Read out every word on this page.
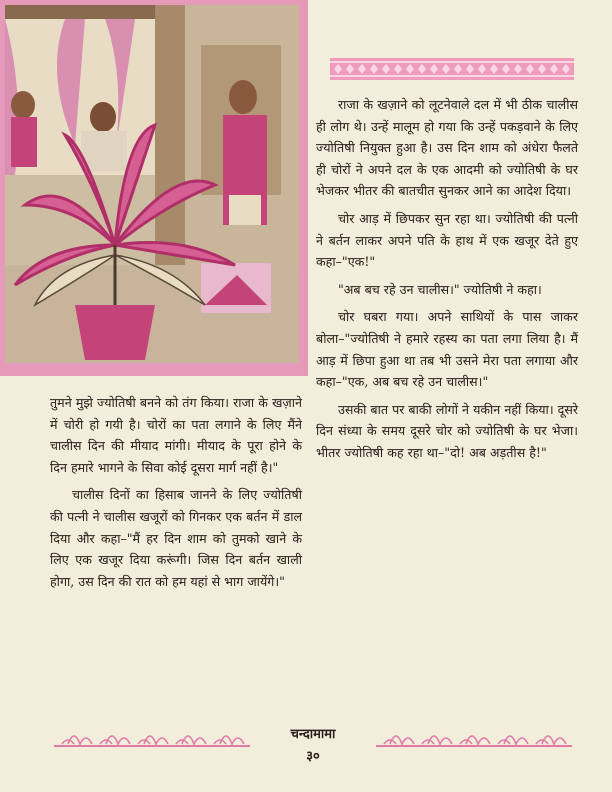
राजा के खज़ाने को लूटनेवाले दल में भी ठीक चालीस ही लोग थे। उन्हें मालूम हो गया कि उन्हें पकड़वाने के लिए ज्योतिषी नियुक्त हुआ है। उस दिन शाम को अंधेरा फैलते ही चोरों ने अपने दल के एक आदमी को ज्योतिषी के घर भेजकर भीतर की बातचीत सुनकर आने का आदेश दिया।

चोर आड़ में छिपकर सुन रहा था। ज्योतिषी की पत्नी ने बर्तन लाकर अपने पति के हाथ में एक खजूर देते हुए कहा–"एक!"

"अब बच रहे उन चालीस।" ज्योतिषी ने कहा।

चोर घबरा गया। अपने साथियों के पास जाकर बोला–"ज्योतिषी ने हमारे रहस्य का पता लगा लिया है। मैं आड़ में छिपा हुआ था तब भी उसने मेरा पता लगाया और कहा–"एक, अब बच रहे उन चालीस।"

उसकी बात पर बाकी लोगों ने यकीन नहीं किया। दूसरे दिन संध्या के समय दूसरे चोर को ज्योतिषी के घर भेजा। भीतर ज्योतिषी कह रहा था–"दो! अब अड़तीस है!"

तुमने मुझे ज्योतिषी बनने को तंग किया। राजा के खज़ाने में चोरी हो गयी है। चोरों का पता लगाने के लिए मैंने चालीस दिन की मीयाद मांगी। मीयाद के पूरा होने के दिन हमारे भागने के सिवा कोई दूसरा मार्ग नहीं है।"

चालीस दिनों का हिसाब जानने के लिए ज्योतिषी की पत्नी ने चालीस खजूरों को गिनकर एक बर्तन में डाल दिया और कहा–"मैं हर दिन शाम को तुमको खाने के लिए एक खजूर दिया करूंगी। जिस दिन बर्तन खाली होगा, उस दिन की रात को हम यहां से भाग जायेंगे।"

चन्दामामा
३०
